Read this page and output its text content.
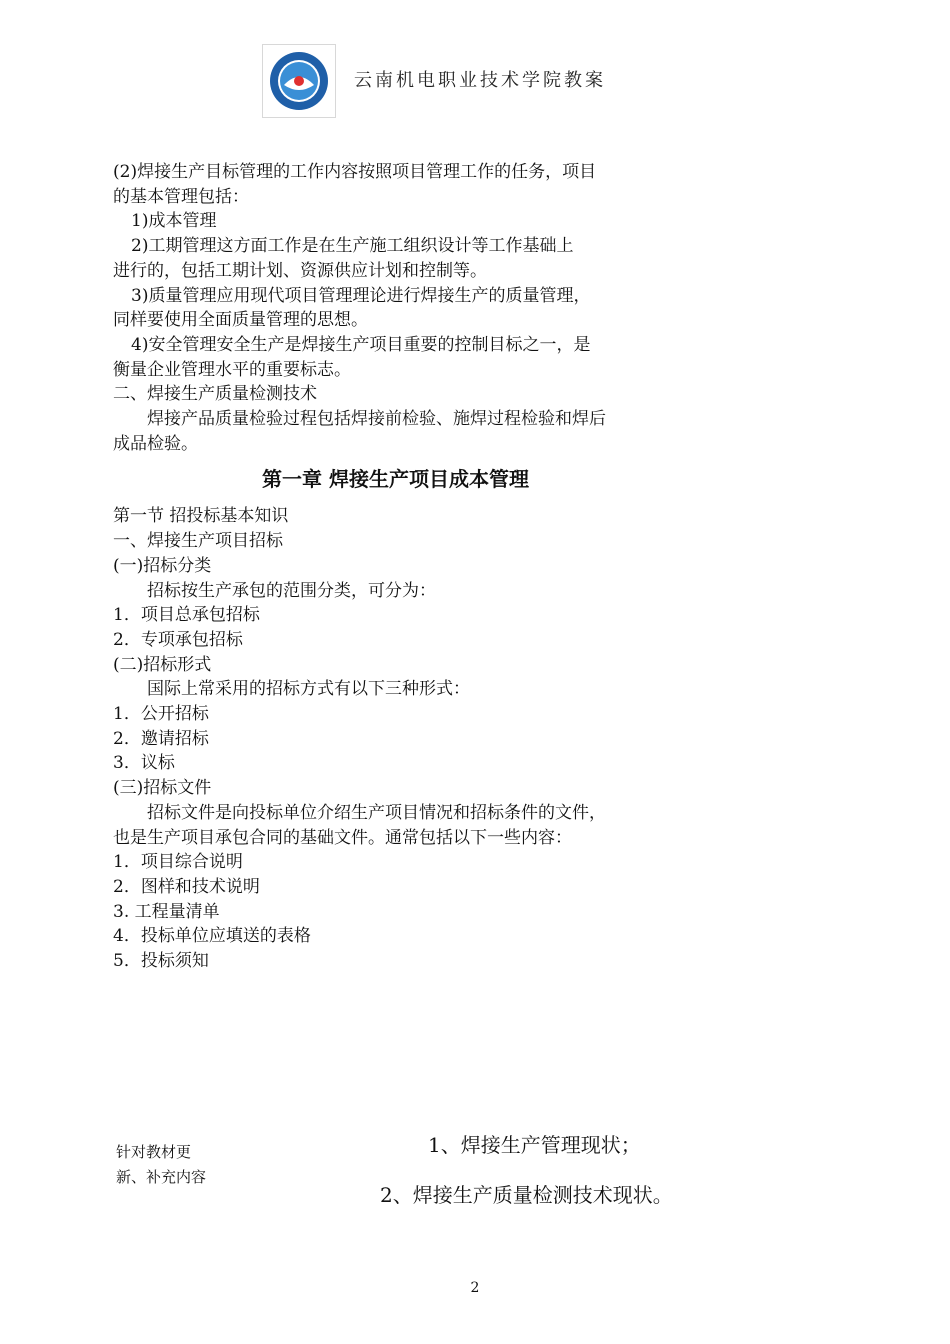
云南机电职业技术学院教案
(2)焊接生产目标管理的工作内容按照项目管理工作的任务，项目
的基本管理包括：
1)成本管理
2)工期管理这方面工作是在生产施工组织设计等工作基础上
进行的，包括工期计划、资源供应计划和控制等。
3)质量管理应用现代项目管理理论进行焊接生产的质量管理，
同样要使用全面质量管理的思想。
4)安全管理安全生产是焊接生产项目重要的控制目标之一，是
衡量企业管理水平的重要标志。
二、焊接生产质量检测技术
焊接产品质量检验过程包括焊接前检验、施焊过程检验和焊后
成品检验。
第一章 焊接生产项目成本管理
第一节 招投标基本知识
一、焊接生产项目招标
(一)招标分类
招标按生产承包的范围分类，可分为：
1．项目总承包招标
2．专项承包招标
(二)招标形式
国际上常采用的招标方式有以下三种形式：
1．公开招标
2．邀请招标
3．议标
(三)招标文件
招标文件是向投标单位介绍生产项目情况和招标条件的文件，
也是生产项目承包合同的基础文件。通常包括以下一些内容：
1．项目综合说明
2．图样和技术说明
3. 工程量清单
4．投标单位应填送的表格
5．投标须知
针对教材更
新、补充内容
1、焊接生产管理现状；
2、焊接生产质量检测技术现状。
2
